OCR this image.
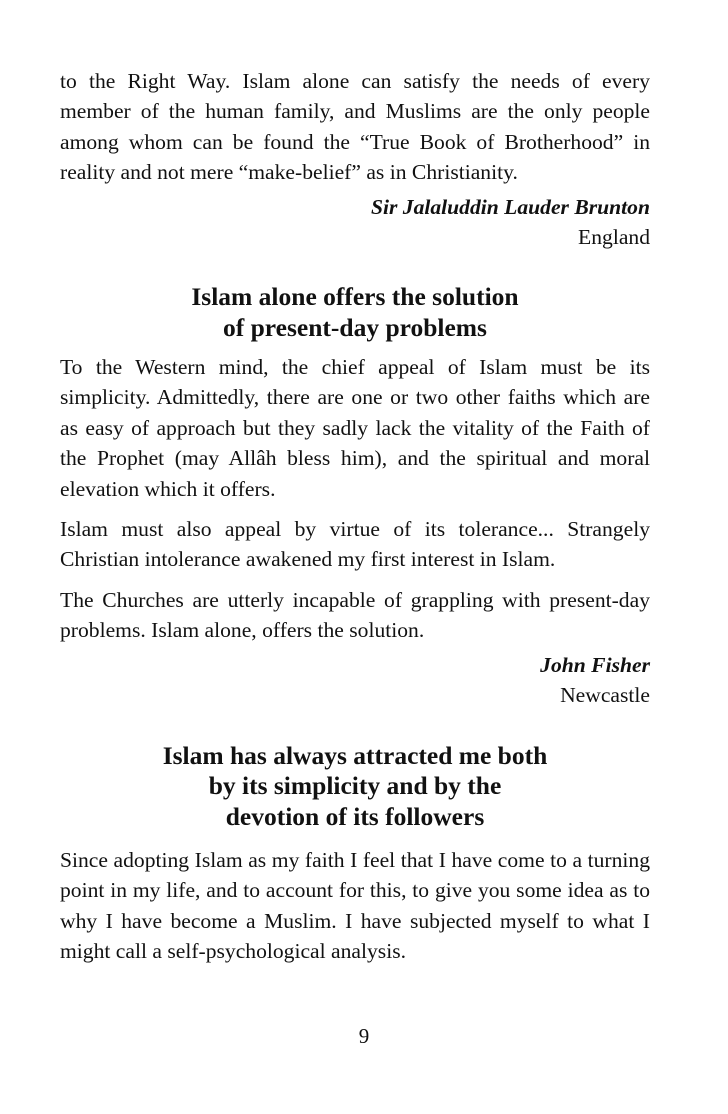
to the Right Way. Islam alone can satisfy the needs of every member of the human family, and Muslims are the only people among whom can be found the “True Book of Brotherhood” in reality and not mere “make-belief” as in Christianity.

Sir Jalaluddin Lauder Brunton
England
Islam alone offers the solution
of present-day problems

To the Western mind, the chief appeal of Islam must be its simplicity. Admittedly, there are one or two other faiths which are as easy of approach but they sadly lack the vitality of the Faith of the Prophet (may Allâh bless him), and the spiritual and moral elevation which it offers.

Islam must also appeal by virtue of its tolerance... Strangely Christian intolerance awakened my first interest in Islam.

The Churches are utterly incapable of grappling with present-day problems. Islam alone, offers the solution.

John Fisher
Newcastle
Islam has always attracted me both
by its simplicity and by the
devotion of its followers

Since adopting Islam as my faith I feel that I have come to a turning point in my life, and to account for this, to give you some idea as to why I have become a Muslim. I have subjected myself to what I might call a self-psychological analysis.

9
